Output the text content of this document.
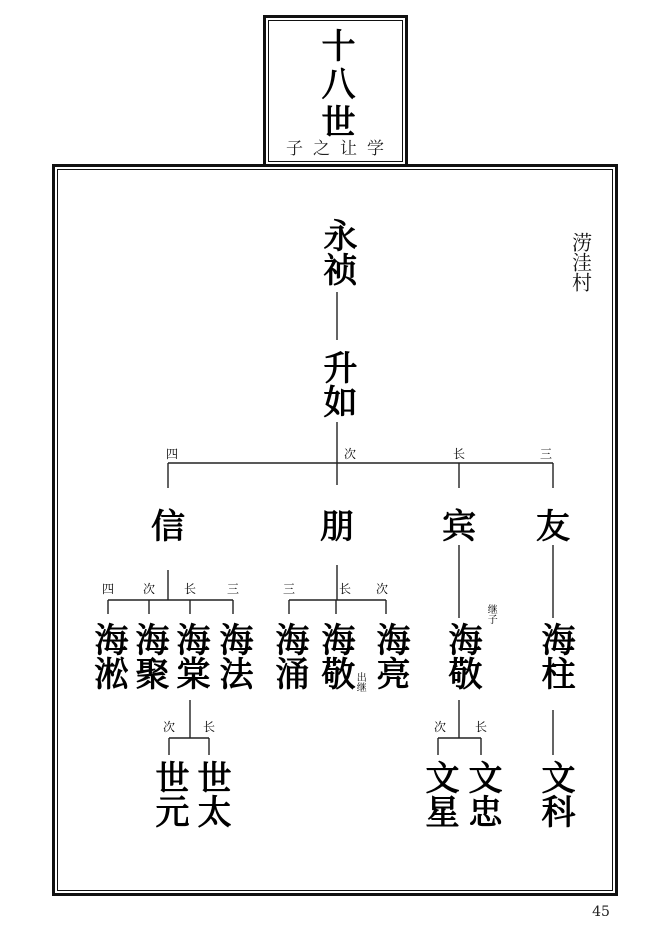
十八世
子之让学
涝洼村
永祯
升如
四	次	长	三
信	朋	宾 友
四 次 长	三	三	长 次
海淞 海聚 海棠 海法 海涌 海敬 出继 海亮 海敬
继子
海柱
次 长	次 长
世元 世太	文星 文忠 文科
45
